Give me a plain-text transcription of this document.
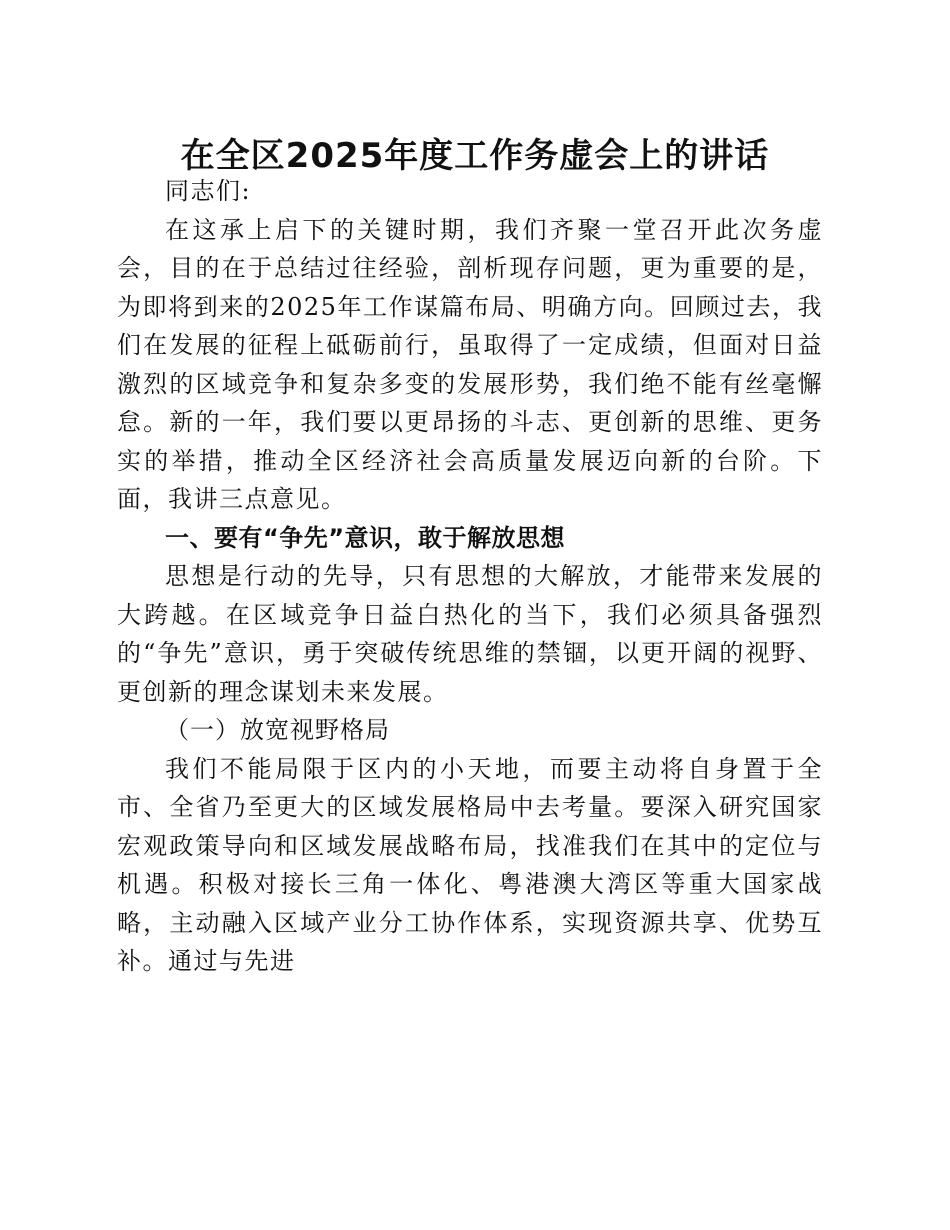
在全区2025年度工作务虚会上的讲话

同志们:

在这承上启下的关键时期，我们齐聚一堂召开此次务虚会，目的在于总结过往经验，剖析现存问题，更为重要的是，为即将到来的2025年工作谋篇布局、明确方向。回顾过去，我们在发展的征程上砥砺前行，虽取得了一定成绩，但面对日益激烈的区域竞争和复杂多变的发展形势，我们绝不能有丝毫懈怠。新的一年，我们要以更昂扬的斗志、更创新的思维、更务实的举措，推动全区经济社会高质量发展迈向新的台阶。下面，我讲三点意见。

一、要有“争先”意识，敢于解放思想

思想是行动的先导，只有思想的大解放，才能带来发展的大跨越。在区域竞争日益白热化的当下，我们必须具备强烈的“争先”意识，勇于突破传统思维的禁锢，以更开阔的视野、更创新的理念谋划未来发展。

（一）放宽视野格局

我们不能局限于区内的小天地，而要主动将自身置于全市、全省乃至更大的区域发展格局中去考量。要深入研究国家宏观政策导向和区域发展战略布局，找准我们在其中的定位与机遇。积极对接长三角一体化、粤港澳大湾区等重大国家战略，主动融入区域产业分工协作体系，实现资源共享、优势互补。通过与先进
